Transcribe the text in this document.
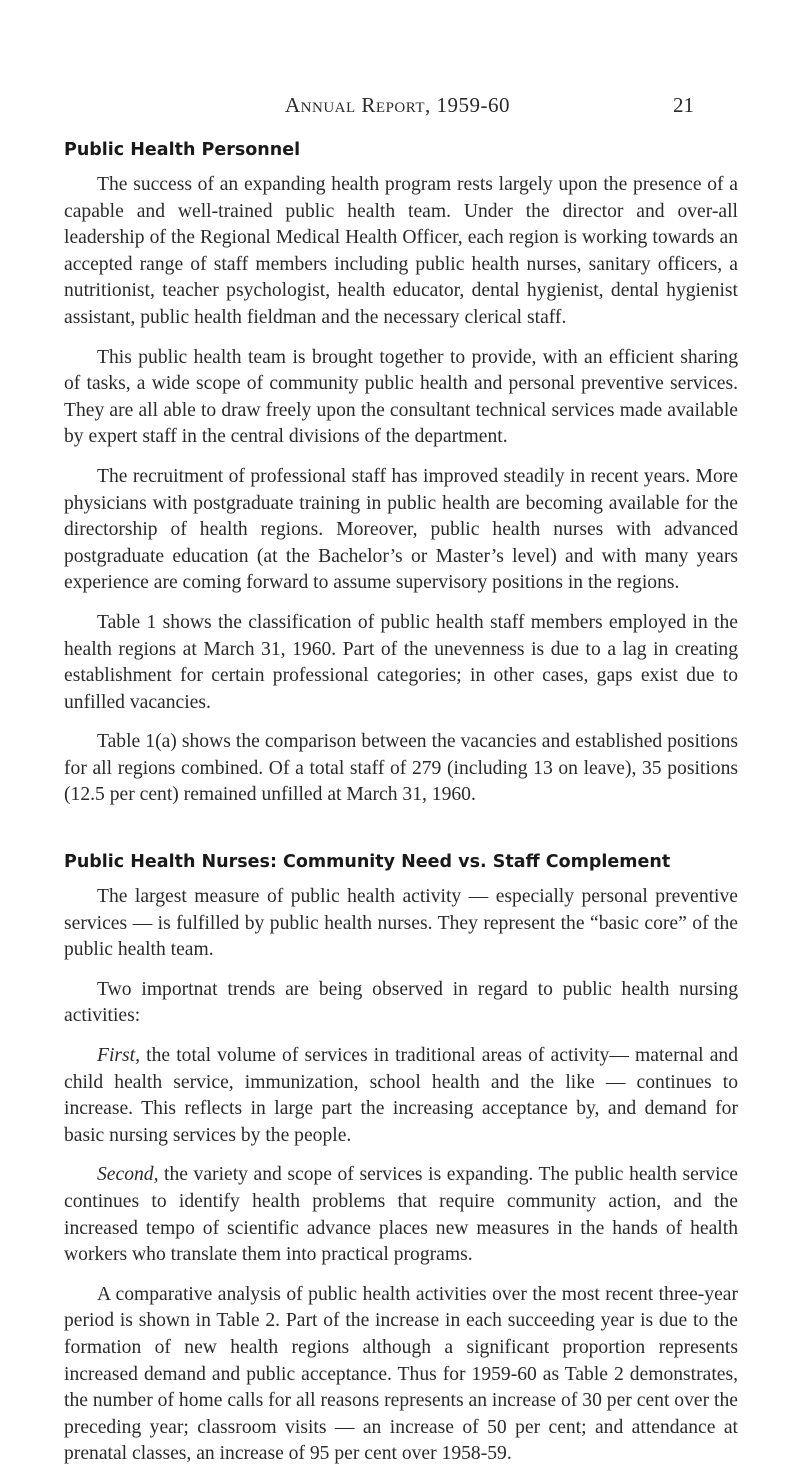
Annual Report, 1959-60	21
Public Health Personnel

The success of an expanding health program rests largely upon the presence of a capable and well-trained public health team. Under the director and over-all leadership of the Regional Medical Health Officer, each region is working towards an accepted range of staff members including public health nurses, sanitary officers, a nutritionist, teacher psychologist, health educator, dental hygienist, dental hygienist assistant, public health fieldman and the necessary clerical staff.

This public health team is brought together to provide, with an efficient sharing of tasks, a wide scope of community public health and personal preventive services. They are all able to draw freely upon the consultant technical services made available by expert staff in the central divisions of the department.

The recruitment of professional staff has improved steadily in recent years. More physicians with postgraduate training in public health are becoming available for the directorship of health regions. Moreover, public health nurses with advanced postgraduate education (at the Bachelor’s or Master’s level) and with many years experience are coming forward to assume supervisory positions in the regions.

Table 1 shows the classification of public health staff members employed in the health regions at March 31, 1960. Part of the unevenness is due to a lag in creating establishment for certain professional categories; in other cases, gaps exist due to unfilled vacancies.

Table 1(a) shows the comparison between the vacancies and established positions for all regions combined. Of a total staff of 279 (including 13 on leave), 35 positions (12.5 per cent) remained unfilled at March 31, 1960.

Public Health Nurses: Community Need vs. Staff Complement

The largest measure of public health activity — especially personal preventive services — is fulfilled by public health nurses. They represent the “basic core” of the public health team.

Two importnat trends are being observed in regard to public health nursing activities:

First, the total volume of services in traditional areas of activity— maternal and child health service, immunization, school health and the like — continues to increase. This reflects in large part the increasing acceptance by, and demand for basic nursing services by the people.

Second, the variety and scope of services is expanding. The public health service continues to identify health problems that require community action, and the increased tempo of scientific advance places new measures in the hands of health workers who translate them into practical programs.

A comparative analysis of public health activities over the most recent three-year period is shown in Table 2. Part of the increase in each succeeding year is due to the formation of new health regions although a significant proportion represents increased demand and public acceptance. Thus for 1959-60 as Table 2 demonstrates, the number of home calls for all reasons represents an increase of 30 per cent over the preceding year; classroom visits — an increase of 50 per cent; and attendance at prenatal classes, an increase of 95 per cent over 1958-59.
